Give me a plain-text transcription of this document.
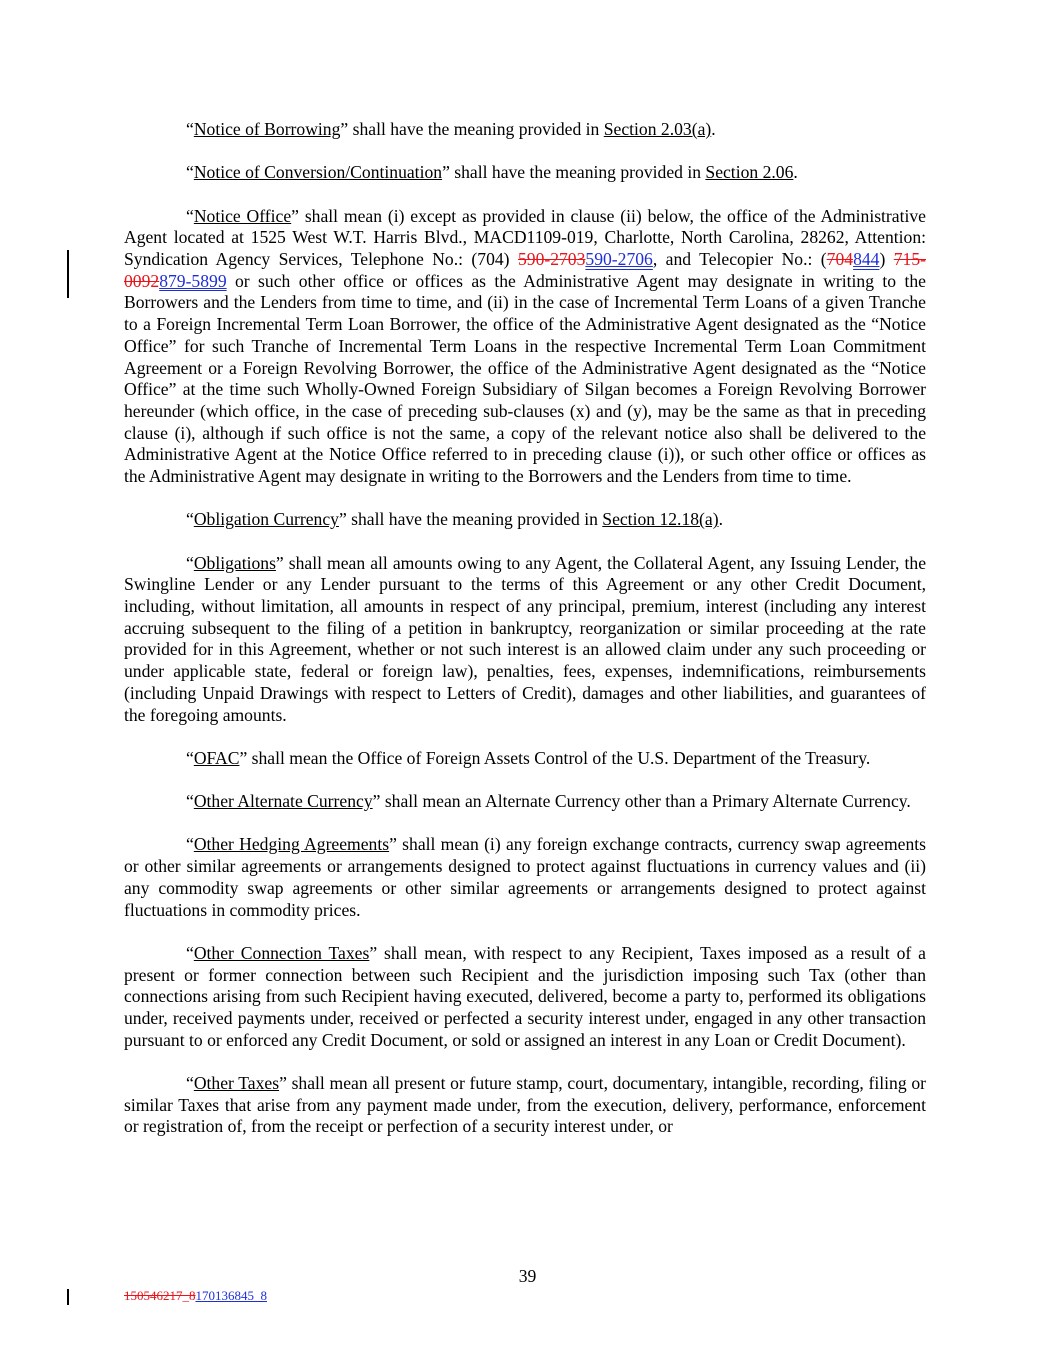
“Notice of Borrowing” shall have the meaning provided in Section 2.03(a).

“Notice of Conversion/Continuation” shall have the meaning provided in Section 2.06.

“Notice Office” shall mean (i) except as provided in clause (ii) below, the office of the Administrative Agent located at 1525 West W.T. Harris Blvd., MACD1109-019, Charlotte, North Carolina, 28262, Attention: Syndication Agency Services, Telephone No.: (704) 590-2703590-2706, and Telecopier No.: (704844) 715-0092879-5899 or such other office or offices as the Administrative Agent may designate in writing to the Borrowers and the Lenders from time to time, and (ii) in the case of Incremental Term Loans of a given Tranche to a Foreign Incremental Term Loan Borrower, the office of the Administrative Agent designated as the “Notice Office” for such Tranche of Incremental Term Loans in the respective Incremental Term Loan Commitment Agreement or a Foreign Revolving Borrower, the office of the Administrative Agent designated as the “Notice Office” at the time such Wholly-Owned Foreign Subsidiary of Silgan becomes a Foreign Revolving Borrower hereunder (which office, in the case of preceding sub-clauses (x) and (y), may be the same as that in preceding clause (i), although if such office is not the same, a copy of the relevant notice also shall be delivered to the Administrative Agent at the Notice Office referred to in preceding clause (i)), or such other office or offices as the Administrative Agent may designate in writing to the Borrowers and the Lenders from time to time.

“Obligation Currency” shall have the meaning provided in Section 12.18(a).

“Obligations” shall mean all amounts owing to any Agent, the Collateral Agent, any Issuing Lender, the Swingline Lender or any Lender pursuant to the terms of this Agreement or any other Credit Document, including, without limitation, all amounts in respect of any principal, premium, interest (including any interest accruing subsequent to the filing of a petition in bankruptcy, reorganization or similar proceeding at the rate provided for in this Agreement, whether or not such interest is an allowed claim under any such proceeding or under applicable state, federal or foreign law), penalties, fees, expenses, indemnifications, reimbursements (including Unpaid Drawings with respect to Letters of Credit), damages and other liabilities, and guarantees of the foregoing amounts.

“OFAC” shall mean the Office of Foreign Assets Control of the U.S. Department of the Treasury.

“Other Alternate Currency” shall mean an Alternate Currency other than a Primary Alternate Currency.

“Other Hedging Agreements” shall mean (i) any foreign exchange contracts, currency swap agreements or other similar agreements or arrangements designed to protect against fluctuations in currency values and (ii) any commodity swap agreements or other similar agreements or arrangements designed to protect against fluctuations in commodity prices.

“Other Connection Taxes” shall mean, with respect to any Recipient, Taxes imposed as a result of a present or former connection between such Recipient and the jurisdiction imposing such Tax (other than connections arising from such Recipient having executed, delivered, become a party to, performed its obligations under, received payments under, received or perfected a security interest under, engaged in any other transaction pursuant to or enforced any Credit Document, or sold or assigned an interest in any Loan or Credit Document).

“Other Taxes” shall mean all present or future stamp, court, documentary, intangible, recording, filing or similar Taxes that arise from any payment made under, from the execution, delivery, performance, enforcement or registration of, from the receipt or perfection of a security interest under, or

39
150546217_8170136845_8
